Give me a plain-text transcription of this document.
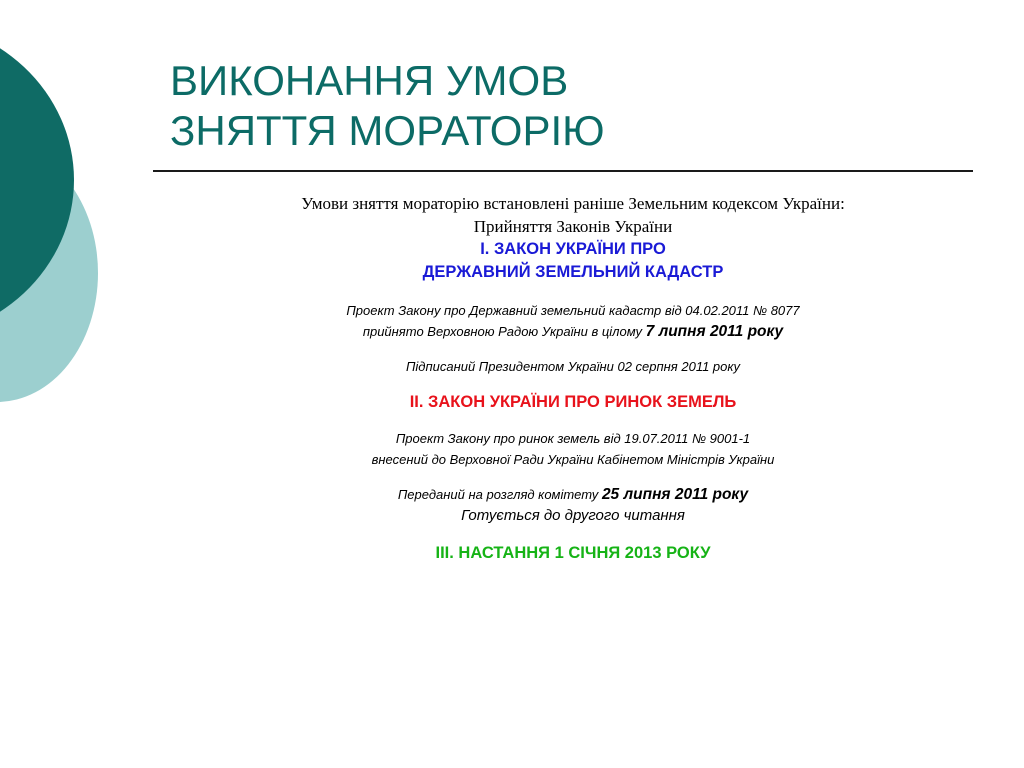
ВИКОНАННЯ УМОВ
ЗНЯТТЯ МОРАТОРІЮ
Умови зняття мораторію встановлені раніше Земельним кодексом України:
Прийняття Законів України
І. ЗАКОН УКРАЇНИ ПРО
ДЕРЖАВНИЙ ЗЕМЕЛЬНИЙ КАДАСТР
Проект Закону про Державний земельний кадастр від 04.02.2011 № 8077
прийнято Верховною Радою України в цілому 7 липня 2011 року
Підписаний Президентом України 02 серпня 2011 року
ІІ. ЗАКОН УКРАЇНИ ПРО РИНОК ЗЕМЕЛЬ
Проект Закону про ринок земель від 19.07.2011 № 9001-1
внесений до Верховної Ради України Кабінетом Міністрів України
Переданий на розгляд комітету 25 липня 2011 року
Готується до другого читання
ІІІ. НАСТАННЯ 1 СІЧНЯ 2013 РОКУ
